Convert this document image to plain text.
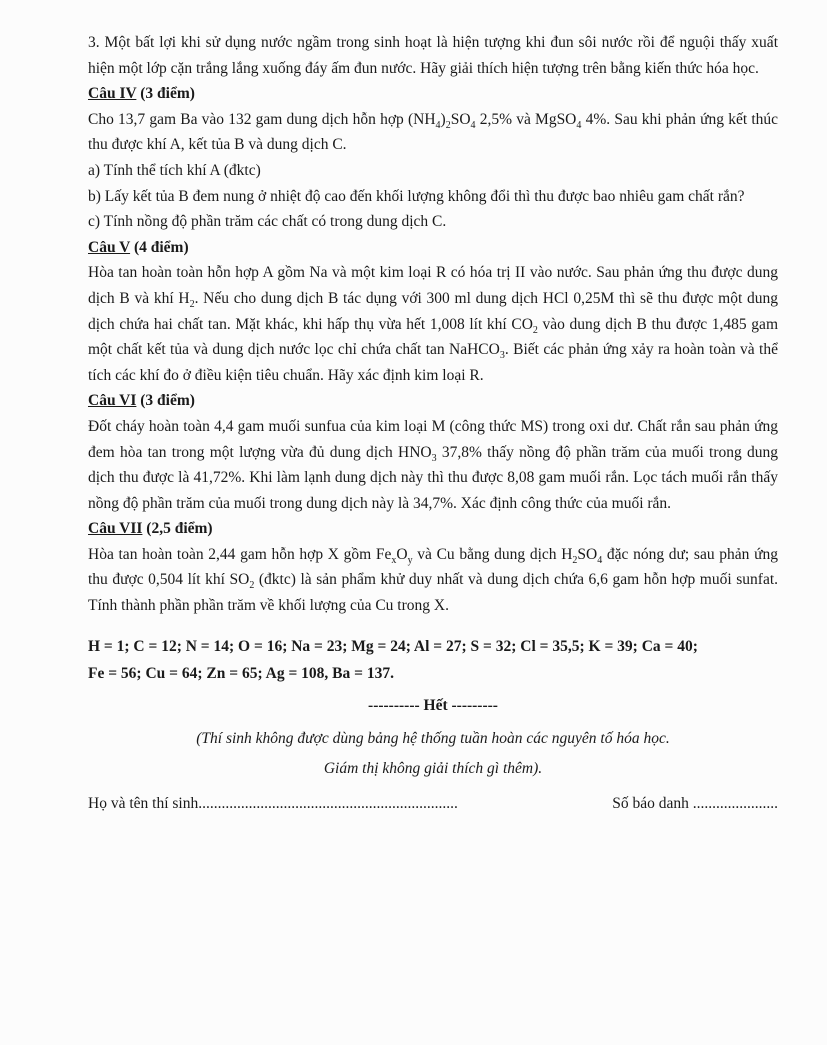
3. Một bất lợi khi sử dụng nước ngầm trong sinh hoạt là hiện tượng khi đun sôi nước rồi để nguội thấy xuất hiện một lớp cặn trắng lắng xuống đáy ấm đun nước. Hãy giải thích hiện tượng trên bằng kiến thức hóa học.

Câu IV (3 điểm)

Cho 13,7 gam Ba vào 132 gam dung dịch hỗn hợp $(NH_4)_2SO_4$ 2,5% và MgSO$_4$ 4%. Sau khi phản ứng kết thúc thu được khí A, kết tủa B và dung dịch C.

a) Tính thể tích khí A (đktc)

b) Lấy kết tủa B đem nung ở nhiệt độ cao đến khối lượng không đổi thì thu được bao nhiêu gam chất rắn?

c) Tính nồng độ phần trăm các chất có trong dung dịch C.

Câu V (4 điểm)

Hòa tan hoàn toàn hỗn hợp A gồm Na và một kim loại R có hóa trị II vào nước. Sau phản ứng thu được dung dịch B và khí $H_2$. Nếu cho dung dịch B tác dụng với 300 ml dung dịch HCl 0,25M thì sẽ thu được một dung dịch chứa hai chất tan. Mặt khác, khi hấp thụ vừa hết 1,008 lít khí $CO_2$ vào dung dịch B thu được 1,485 gam một chất kết tủa và dung dịch nước lọc chỉ chứa chất tan NaHCO$_3$. Biết các phản ứng xảy ra hoàn toàn và thể tích các khí đo ở điều kiện tiêu chuẩn. Hãy xác định kim loại R.

Câu VI (3 điểm)

Đốt cháy hoàn toàn 4,4 gam muối sunfua của kim loại M (công thức MS) trong oxi dư. Chất rắn sau phản ứng đem hòa tan trong một lượng vừa đủ dung dịch $HNO_3$ 37,8% thấy nồng độ phần trăm của muối trong dung dịch thu được là 41,72%. Khi làm lạnh dung dịch này thì thu được 8,08 gam muối rắn. Lọc tách muối rắn thấy nồng độ phần trăm của muối trong dung dịch này là 34,7%. Xác định công thức của muối rắn.

Câu VII (2,5 điểm)

Hòa tan hoàn toàn 2,44 gam hỗn hợp X gồm $Fe_xO_y$ và Cu bằng dung dịch $H_2SO_4$ đặc nóng dư; sau phản ứng thu được 0,504 lít khí $SO_2$ (đktc) là sản phẩm khử duy nhất và dung dịch chứa 6,6 gam hỗn hợp muối sunfat. Tính thành phần phần trăm về khối lượng của Cu trong X.

H = 1; C = 12; N = 14; O = 16; Na = 23; Mg = 24; Al = 27; S = 32; Cl = 35,5; K = 39; Ca = 40;
Fe = 56; Cu = 64; Zn = 65; Ag = 108, Ba = 137.
---------- Hết ---------
(Thí sinh không được dùng bảng hệ thống tuần hoàn các nguyên tố hóa học.
Giám thị không giải thích gì thêm).
Họ và tên thí sinh...................................................................	Số báo danh ......................
